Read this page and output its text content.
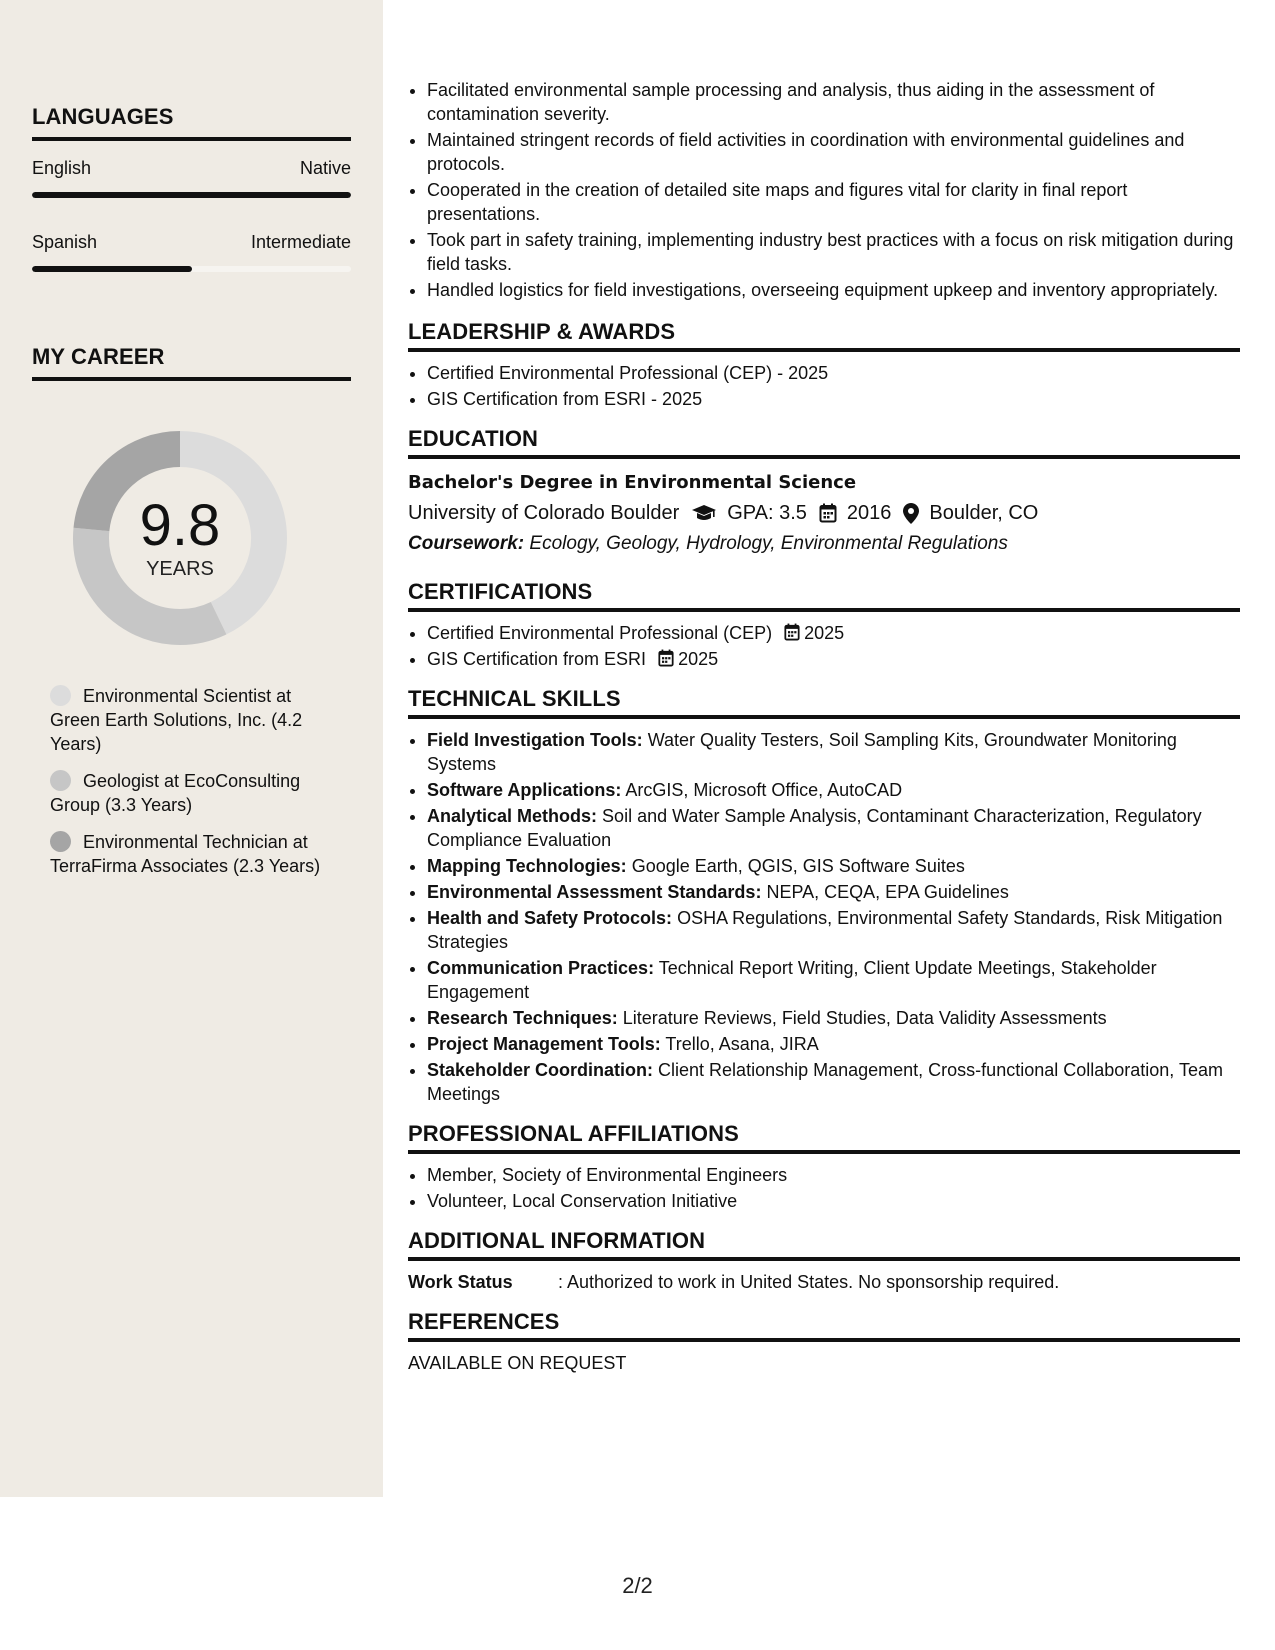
LANGUAGES
English	Native
Spanish	Intermediate
MY CAREER
9.8
YEARS
Environmental Scientist at Green Earth Solutions, Inc. (4.2 Years)
Geologist at EcoConsulting Group (3.3 Years)
Environmental Technician at TerraFirma Associates (2.3 Years)
• Facilitated environmental sample processing and analysis, thus aiding in the assessment of contamination severity.
• Maintained stringent records of field activities in coordination with environmental guidelines and protocols.
• Cooperated in the creation of detailed site maps and figures vital for clarity in final report presentations.
• Took part in safety training, implementing industry best practices with a focus on risk mitigation during field tasks.
• Handled logistics for field investigations, overseeing equipment upkeep and inventory appropriately.
LEADERSHIP & AWARDS
• Certified Environmental Professional (CEP) - 2025
• GIS Certification from ESRI - 2025
EDUCATION
Bachelor's Degree in Environmental Science
University of Colorado Boulder GPA: 3.5 2016 Boulder, CO
Coursework: Ecology, Geology, Hydrology, Environmental Regulations
CERTIFICATIONS
• Certified Environmental Professional (CEP) 2025
• GIS Certification from ESRI 2025
TECHNICAL SKILLS
• Field Investigation Tools: Water Quality Testers, Soil Sampling Kits, Groundwater Monitoring Systems
• Software Applications: ArcGIS, Microsoft Office, AutoCAD
• Analytical Methods: Soil and Water Sample Analysis, Contaminant Characterization, Regulatory Compliance Evaluation
• Mapping Technologies: Google Earth, QGIS, GIS Software Suites
• Environmental Assessment Standards: NEPA, CEQA, EPA Guidelines
• Health and Safety Protocols: OSHA Regulations, Environmental Safety Standards, Risk Mitigation Strategies
• Communication Practices: Technical Report Writing, Client Update Meetings, Stakeholder Engagement
• Research Techniques: Literature Reviews, Field Studies, Data Validity Assessments
• Project Management Tools: Trello, Asana, JIRA
• Stakeholder Coordination: Client Relationship Management, Cross-functional Collaboration, Team Meetings
PROFESSIONAL AFFILIATIONS
• Member, Society of Environmental Engineers
• Volunteer, Local Conservation Initiative
ADDITIONAL INFORMATION
Work Status	: Authorized to work in United States. No sponsorship required.
REFERENCES
AVAILABLE ON REQUEST
2/2
